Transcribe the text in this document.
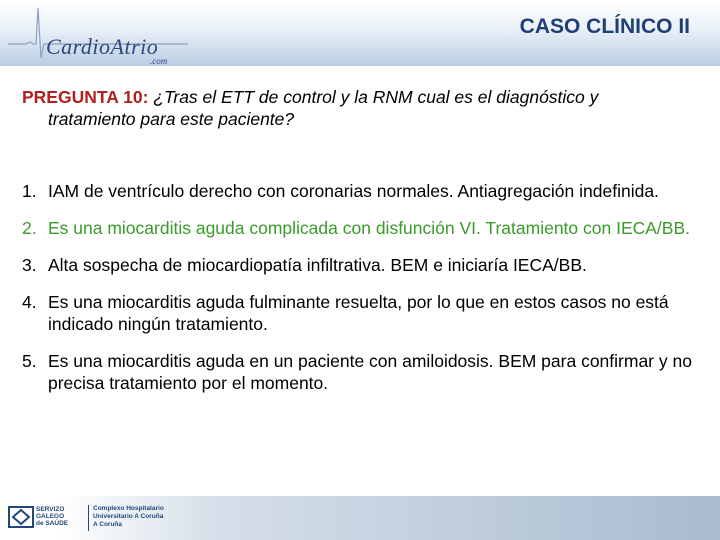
CardioAtrio
.com
CASO CLÍNICO II
PREGUNTA 10: ¿Tras el ETT de control y la RNM cual es el diagnóstico y
tratamiento para este paciente?
1. IAM de ventrículo derecho con coronarias normales. Antiagregación indefinida.
2. Es una miocarditis aguda complicada con disfunción VI. Tratamiento con IECA/BB.
3. Alta sospecha de miocardiopatía infiltrativa. BEM e iniciaría IECA/BB.
4. Es una miocarditis aguda fulminante resuelta, por lo que en estos casos no está indicado ningún tratamiento.
5. Es una miocarditis aguda en un paciente con amiloidosis. BEM para confirmar y no precisa tratamiento por el momento.
SERVIZO
GALEGO
de SAÚDE
Complexo Hospitalario
Universitario A Coruña
A Coruña
